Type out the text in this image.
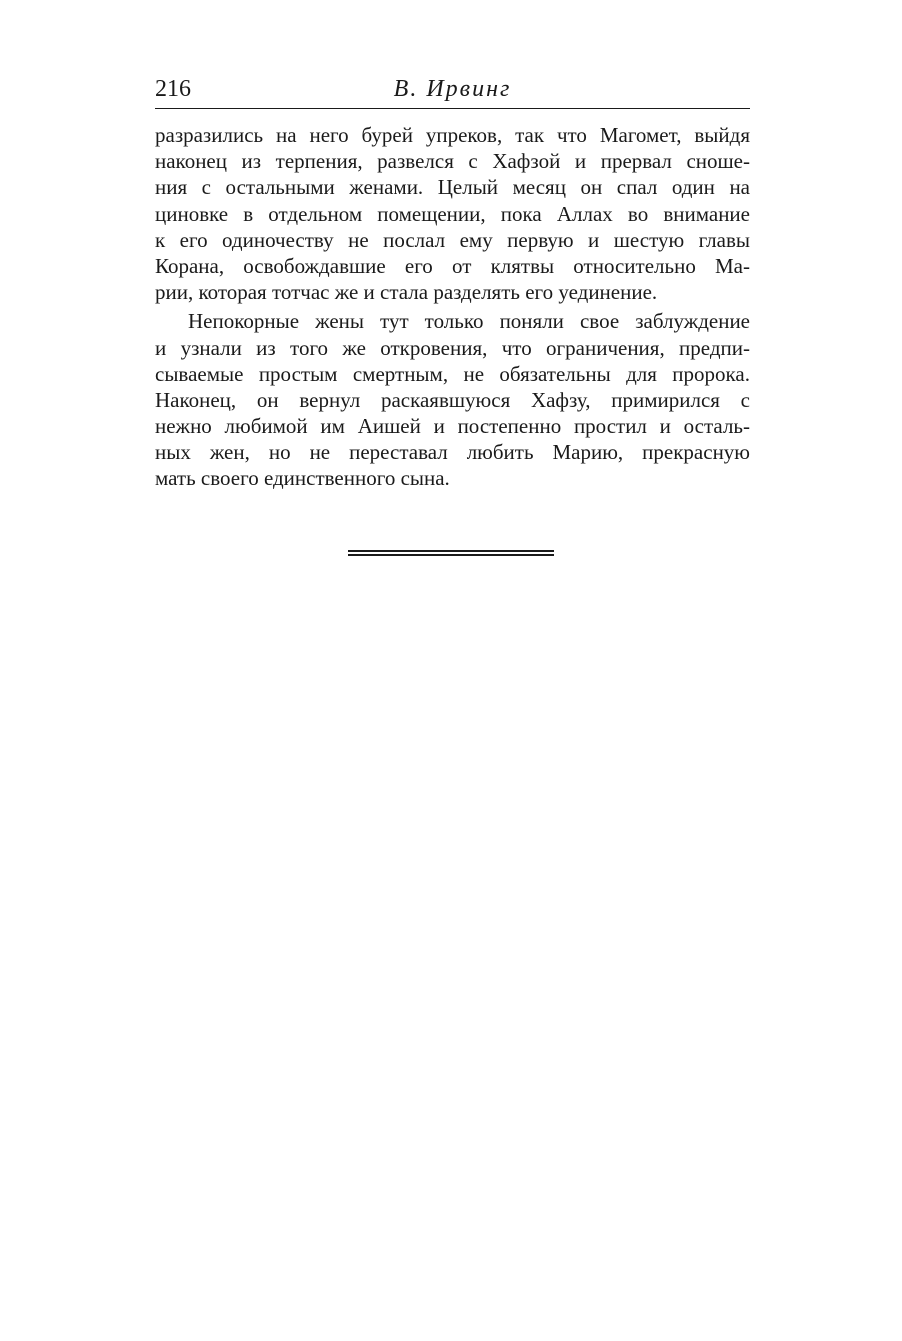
216	В. Ирвинг
разразились на него бурей упреков, так что Магомет, выйдя
наконец из терпения, развелся с Хафзой и прервал сноше-
ния с остальными женами. Целый месяц он спал один на
циновке в отдельном помещении, пока Аллах во внимание
к его одиночеству не послал ему первую и шестую главы
Корана, освобождавшие его от клятвы относительно Ма-
рии, которая тотчас же и стала разделять его уединение.
Непокорные жены тут только поняли свое заблуждение
и узнали из того же откровения, что ограничения, предпи-
сываемые простым смертным, не обязательны для пророка.
Наконец, он вернул раскаявшуюся Хафзу, примирился с
нежно любимой им Аишей и постепенно простил и осталь-
ных жен, но не переставал любить Марию, прекрасную
мать своего единственного сына.
